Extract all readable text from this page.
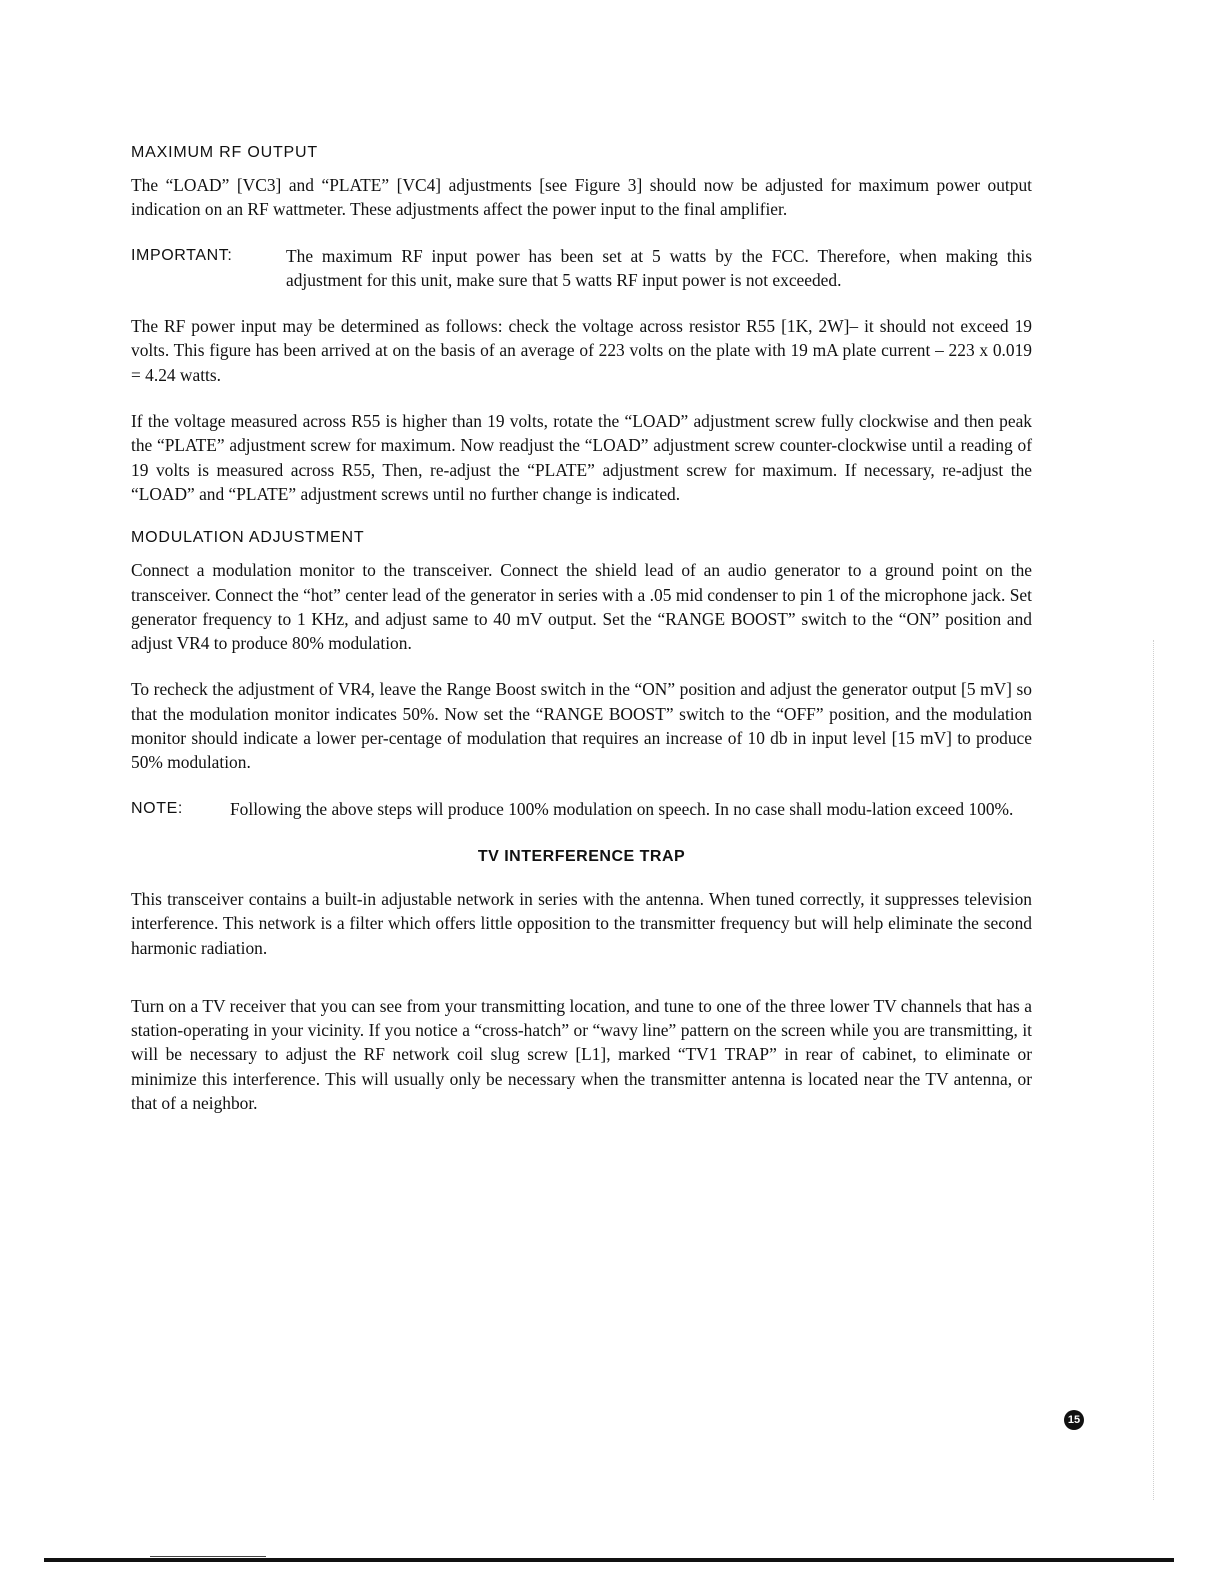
MAXIMUM RF OUTPUT

The “LOAD” [VC3] and “PLATE” [VC4] adjustments [see Figure 3] should now be adjusted for maximum power output indication on an RF wattmeter. These adjustments affect the power input to the final amplifier.

IMPORTANT:	The maximum RF input power has been set at 5 watts by the FCC. Therefore, when making this adjustment for this unit, make sure that 5 watts RF input power is not exceeded.

The RF power input may be determined as follows: check the voltage across resistor R55 [1K, 2W]– it should not exceed 19 volts. This figure has been arrived at on the basis of an average of 223 volts on the plate with 19 mA plate current – 223 x 0.019 = 4.24 watts.

If the voltage measured across R55 is higher than 19 volts, rotate the “LOAD” adjustment screw fully clockwise and then peak the “PLATE” adjustment screw for maximum. Now readjust the “LOAD” adjustment screw counter-clockwise until a reading of 19 volts is measured across R55, Then, re-adjust the “PLATE” adjustment screw for maximum. If necessary, re-adjust the “LOAD” and “PLATE” adjustment screws until no further change is indicated.

MODULATION ADJUSTMENT

Connect a modulation monitor to the transceiver. Connect the shield lead of an audio generator to a ground point on the transceiver. Connect the “hot” center lead of the generator in series with a .05 mid condenser to pin 1 of the microphone jack. Set generator frequency to 1 KHz, and adjust same to 40 mV output. Set the “RANGE BOOST” switch to the “ON” position and adjust VR4 to produce 80% modulation.

To recheck the adjustment of VR4, leave the Range Boost switch in the “ON” position and adjust the generator output [5 mV] so that the modulation monitor indicates 50%. Now set the “RANGE BOOST” switch to the “OFF” position, and the modulation monitor should indicate a lower per-centage of modulation that requires an increase of 10 db in input level [15 mV] to produce 50% modulation.

NOTE:	Following the above steps will produce 100% modulation on speech. In no case shall modu-lation exceed 100%.

TV INTERFERENCE TRAP

This transceiver contains a built-in adjustable network in series with the antenna. When tuned correctly, it suppresses television interference. This network is a filter which offers little opposition to the transmitter frequency but will help eliminate the second harmonic radiation.

Turn on a TV receiver that you can see from your transmitting location, and tune to one of the three lower TV channels that has a station-operating in your vicinity. If you notice a “cross-hatch” or “wavy line” pattern on the screen while you are transmitting, it will be necessary to adjust the RF network coil slug screw [L1], marked “TV1 TRAP” in rear of cabinet, to eliminate or minimize this interference. This will usually only be necessary when the transmitter antenna is located near the TV antenna, or that of a neighbor.

15
